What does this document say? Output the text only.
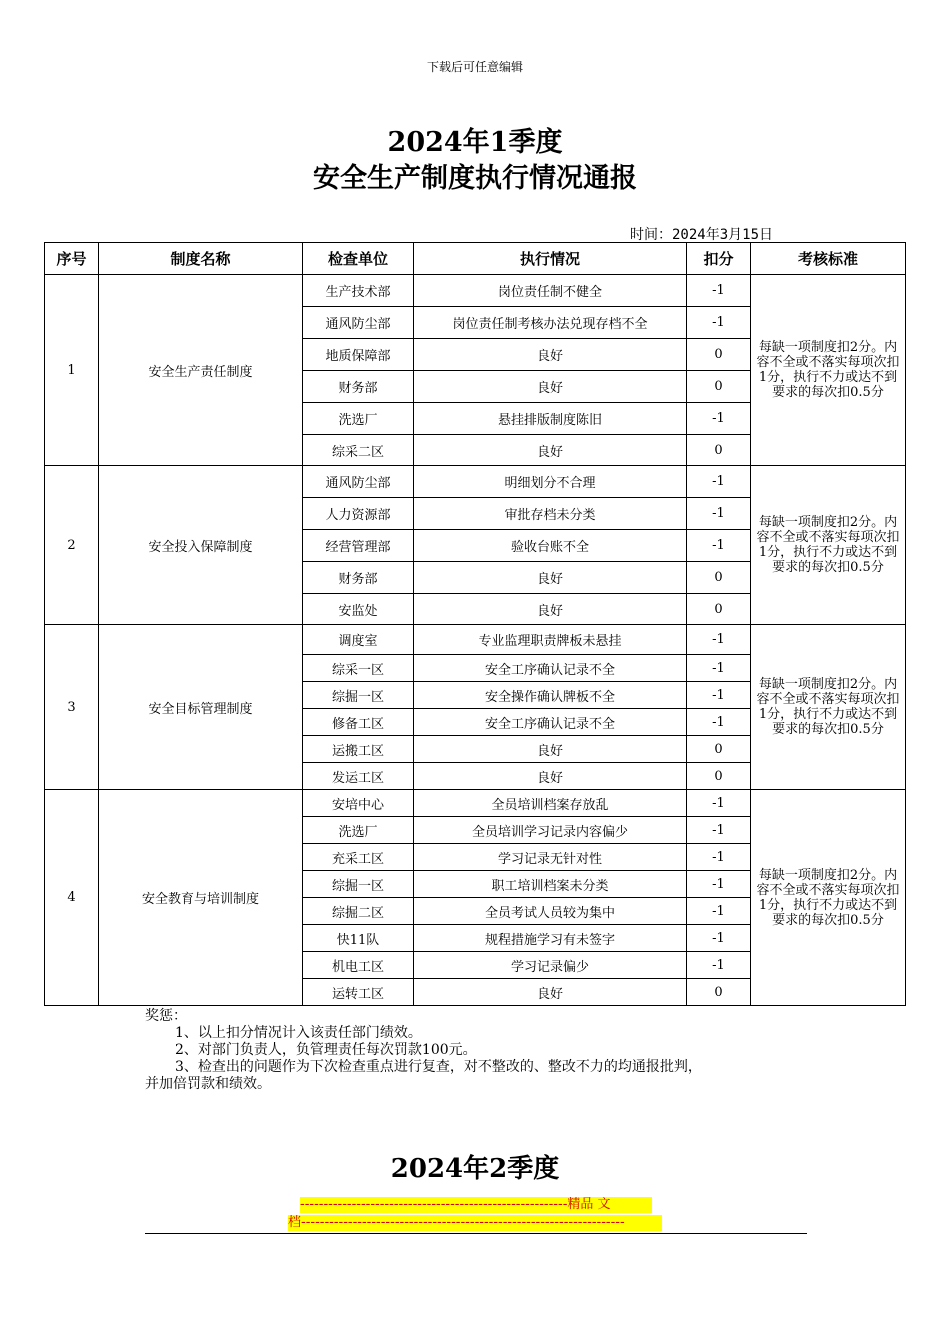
下载后可任意编辑
2024年1季度
安全生产制度执行情况通报
时间：2024年3月15日
序号	制度名称	检查单位	执行情况	扣分	考核标准
1	安全生产责任制度	生产技术部	岗位责任制不健全	-1	每缺一项制度扣2分。内容不全或不落实每项次扣1分，执行不力或达不到要求的每次扣0.5分
		通风防尘部	岗位责任制考核办法兑现存档不全	-1	
		地质保障部	良好	0	
		财务部	良好	0	
		洗选厂	悬挂排版制度陈旧	-1	
		综采二区	良好	0	
2	安全投入保障制度	通风防尘部	明细划分不合理	-1	每缺一项制度扣2分。内容不全或不落实每项次扣1分，执行不力或达不到要求的每次扣0.5分
		人力资源部	审批存档未分类	-1	
		经营管理部	验收台账不全	-1	
		财务部	良好	0	
		安监处	良好	0	
3	安全目标管理制度	调度室	专业监理职责牌板未悬挂	-1	每缺一项制度扣2分。内容不全或不落实每项次扣1分，执行不力或达不到要求的每次扣0.5分
		综采一区	安全工序确认记录不全	-1	
		综掘一区	安全操作确认牌板不全	-1	
		修备工区	安全工序确认记录不全	-1	
		运搬工区	良好	0	
		发运工区	良好	0	
4	安全教育与培训制度	安培中心	全员培训档案存放乱	-1	每缺一项制度扣2分。内容不全或不落实每项次扣1分，执行不力或达不到要求的每次扣0.5分
		洗选厂	全员培训学习记录内容偏少	-1	
		充采工区	学习记录无针对性	-1	
		综掘一区	职工培训档案未分类	-1	
		综掘二区	全员考试人员较为集中	-1	
		快11队	规程措施学习有未签字	-1	
		机电工区	学习记录偏少	-1	
		运转工区	良好	0	
奖惩：
1、以上扣分情况计入该责任部门绩效。
2、对部门负责人，负管理责任每次罚款100元。
3、检查出的问题作为下次检查重点进行复查，对不整改的、整改不力的均通报批判，
并加倍罚款和绩效。
2024年2季度
---------------------------------------------------------精品 文
档---------------------------------------------------------------------
